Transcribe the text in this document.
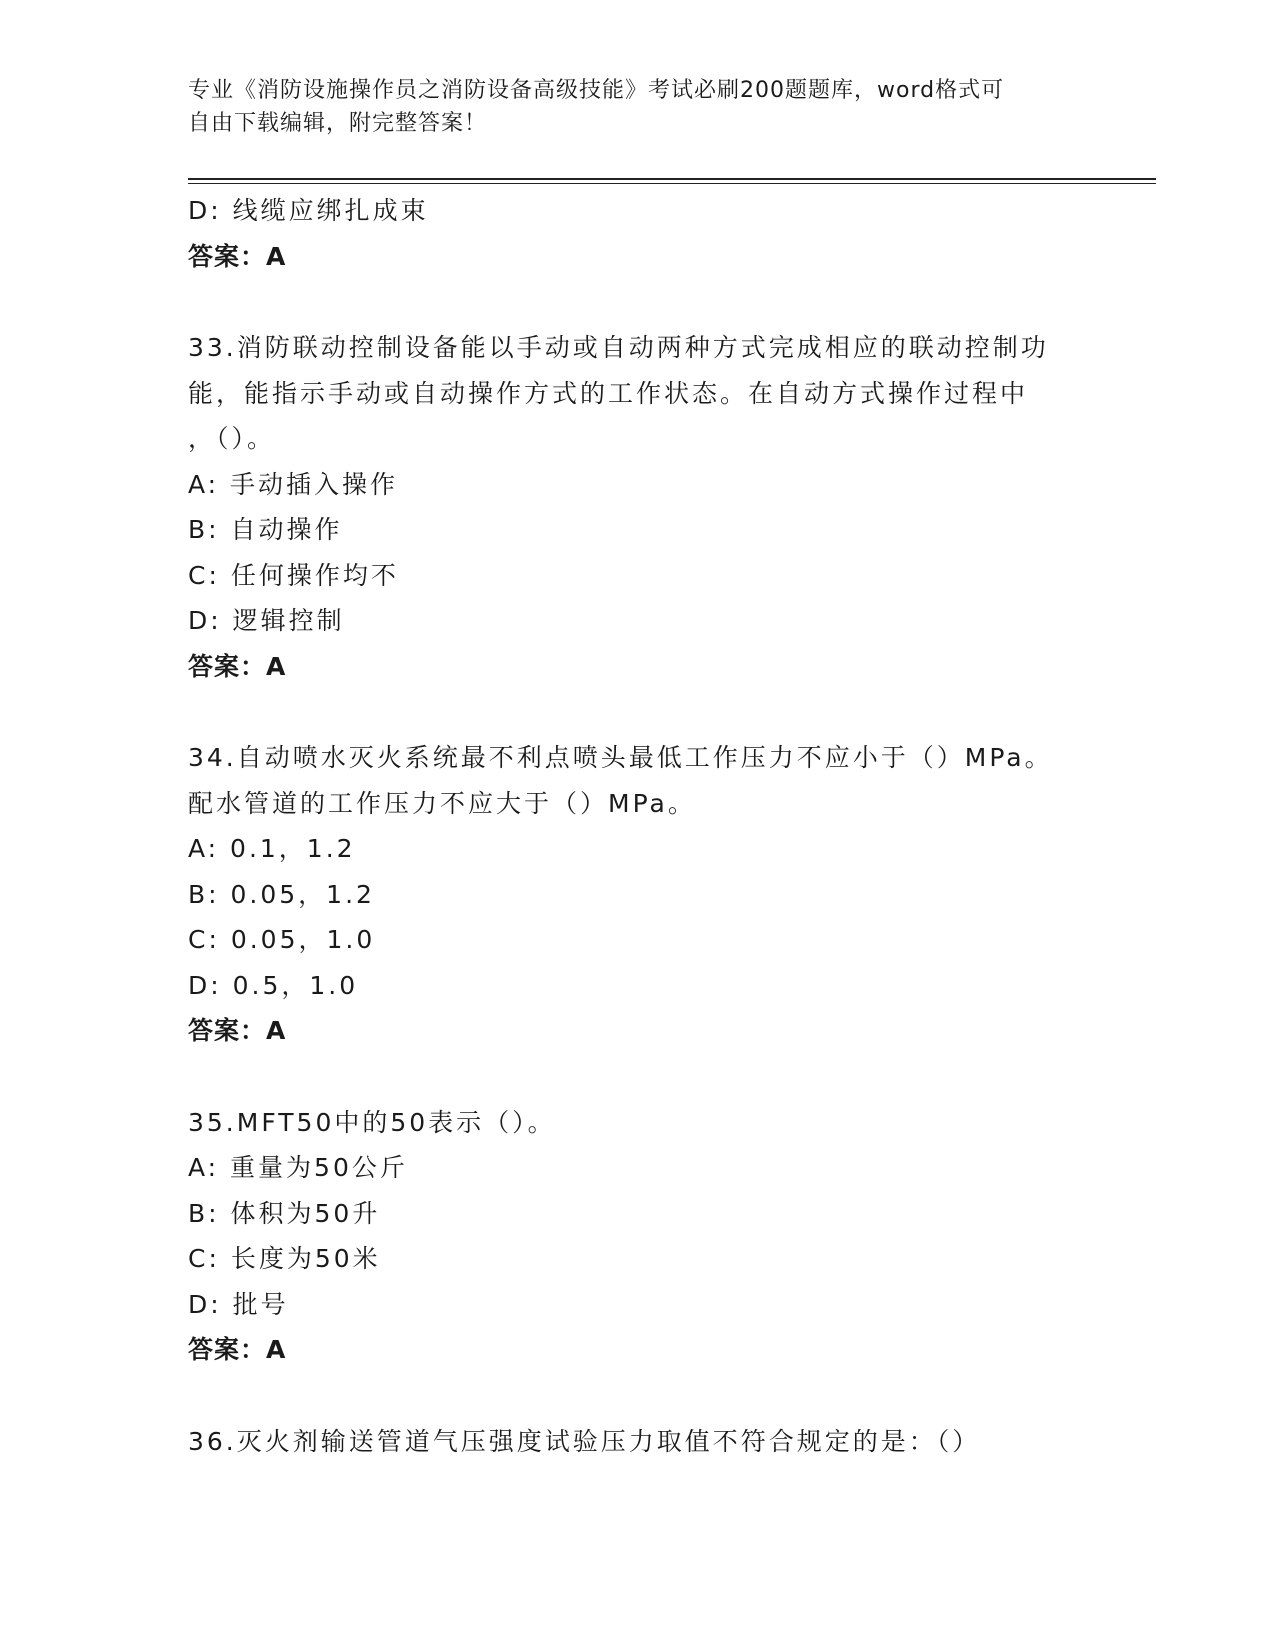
专业《消防设施操作员之消防设备高级技能》考试必刷200题题库，word格式可
自由下载编辑，附完整答案！
D: 线缆应绑扎成束
答案：A
33.消防联动控制设备能以手动或自动两种方式完成相应的联动控制功
能，能指示手动或自动操作方式的工作状态。在自动方式操作过程中
，（）。
A: 手动插入操作
B: 自动操作
C: 任何操作均不
D: 逻辑控制
答案：A
34.自动喷水灭火系统最不利点喷头最低工作压力不应小于（）MPa。
配水管道的工作压力不应大于（）MPa。
A: 0.1，1.2
B: 0.05，1.2
C: 0.05，1.0
D: 0.5，1.0
答案：A
35.MFT50中的50表示（）。
A: 重量为50公斤
B: 体积为50升
C: 长度为50米
D: 批号
答案：A
36.灭火剂输送管道气压强度试验压力取值不符合规定的是：（）
